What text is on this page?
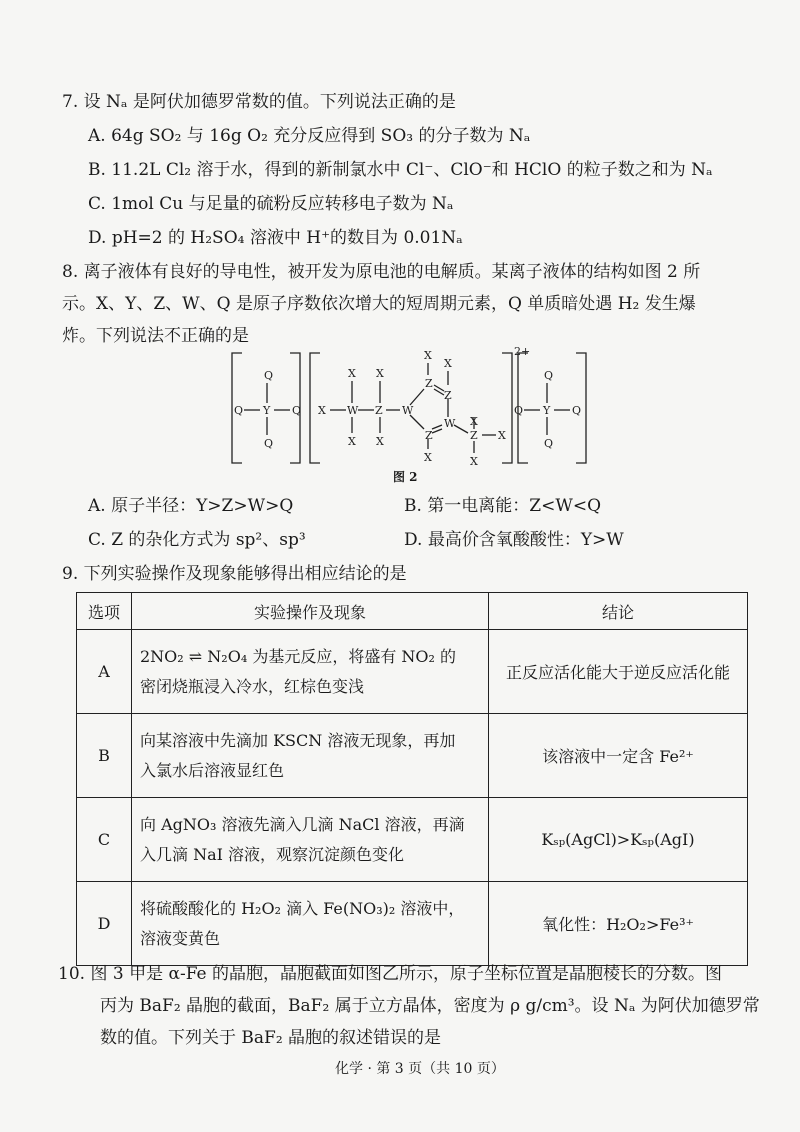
7. 设 Nₐ 是阿伏加德罗常数的值。下列说法正确的是
A. 64g SO₂ 与 16g O₂ 充分反应得到 SO₃ 的分子数为 Nₐ
B. 11.2L Cl₂ 溶于水，得到的新制氯水中 Cl⁻、ClO⁻和 HClO 的粒子数之和为 Nₐ
C. 1mol Cu 与足量的硫粉反应转移电子数为 Nₐ
D. pH=2 的 H₂SO₄ 溶液中 H⁺的数目为 0.01Nₐ
8. 离子液体有良好的导电性，被开发为原电池的电解质。某离子液体的结构如图 2 所
示。X、Y、Z、W、Q 是原子序数依次增大的短周期元素，Q 单质暗处遇 H₂ 发生爆
炸。下列说法不正确的是
Q
Y
Q
Q	Q
Q
Y
Q
Q	Q
X W Z W
X
X
X
X
Z
Z
W
Z
X
X
X
Z
X
X
X
2+
图 2
A. 原子半径：Y>Z>W>Q	B. 第一电离能：Z<W<Q
C. Z 的杂化方式为 sp²、sp³	D. 最高价含氧酸酸性：Y>W
9. 下列实验操作及现象能够得出相应结论的是
选项	实验操作及现象	结论
A	2NO₂ ⇌ N₂O₄ 为基元反应，将盛有 NO₂ 的
密闭烧瓶浸入冷水，红棕色变浅	正反应活化能大于逆反应活化能
B	向某溶液中先滴加 KSCN 溶液无现象，再加
入氯水后溶液显红色	该溶液中一定含 Fe²⁺
C	向 AgNO₃ 溶液先滴入几滴 NaCl 溶液，再滴
入几滴 NaI 溶液，观察沉淀颜色变化	Kₛₚ(AgCl)>Kₛₚ(AgI)
D	将硫酸酸化的 H₂O₂ 滴入 Fe(NO₃)₂ 溶液中，
溶液变黄色	氧化性：H₂O₂>Fe³⁺
10. 图 3 甲是 α-Fe 的晶胞，晶胞截面如图乙所示，原子坐标位置是晶胞棱长的分数。图
丙为 BaF₂ 晶胞的截面，BaF₂ 属于立方晶体，密度为 ρ g/cm³。设 Nₐ 为阿伏加德罗常
数的值。下列关于 BaF₂ 晶胞的叙述错误的是
化学 · 第 3 页（共 10 页）
